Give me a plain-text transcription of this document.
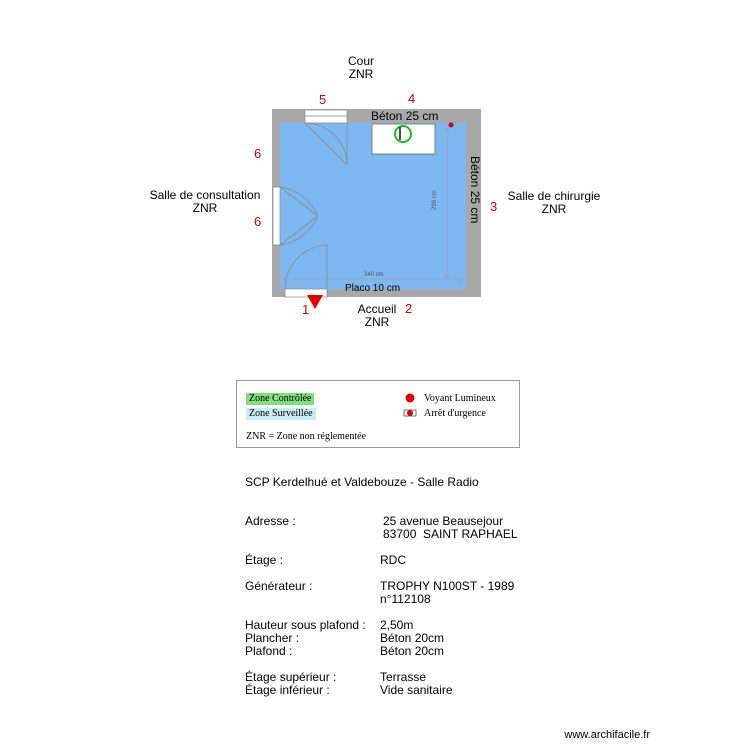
340 cm
299 cm
Béton 25 cm
Béton 25 cm
Placo 10 cm
Cour
ZNR
Salle de consultation
ZNR
Salle de chirurgie
ZNR
Accueil
ZNR
1	2
3
4
5
6
6
Zone Contrôlée
Zone Surveillée
ZNR = Zone non réglementée
Voyant Lumineux
Arrêt d'urgence
SCP Kerdelhué et Valdebouze - Salle Radio
Adresse :	25 avenue Beausejour
83700  SAINT RAPHAEL
Étage :	RDC
Générateur :	TROPHY N100ST - 1989
n°112108
Hauteur sous plafond : 2,50m
Plancher :	Béton 20cm
Plafond :	Béton 20cm
Étage supérieur :	Terrasse
Étage inférieur :	Vide sanitaire
www.archifacile.fr
